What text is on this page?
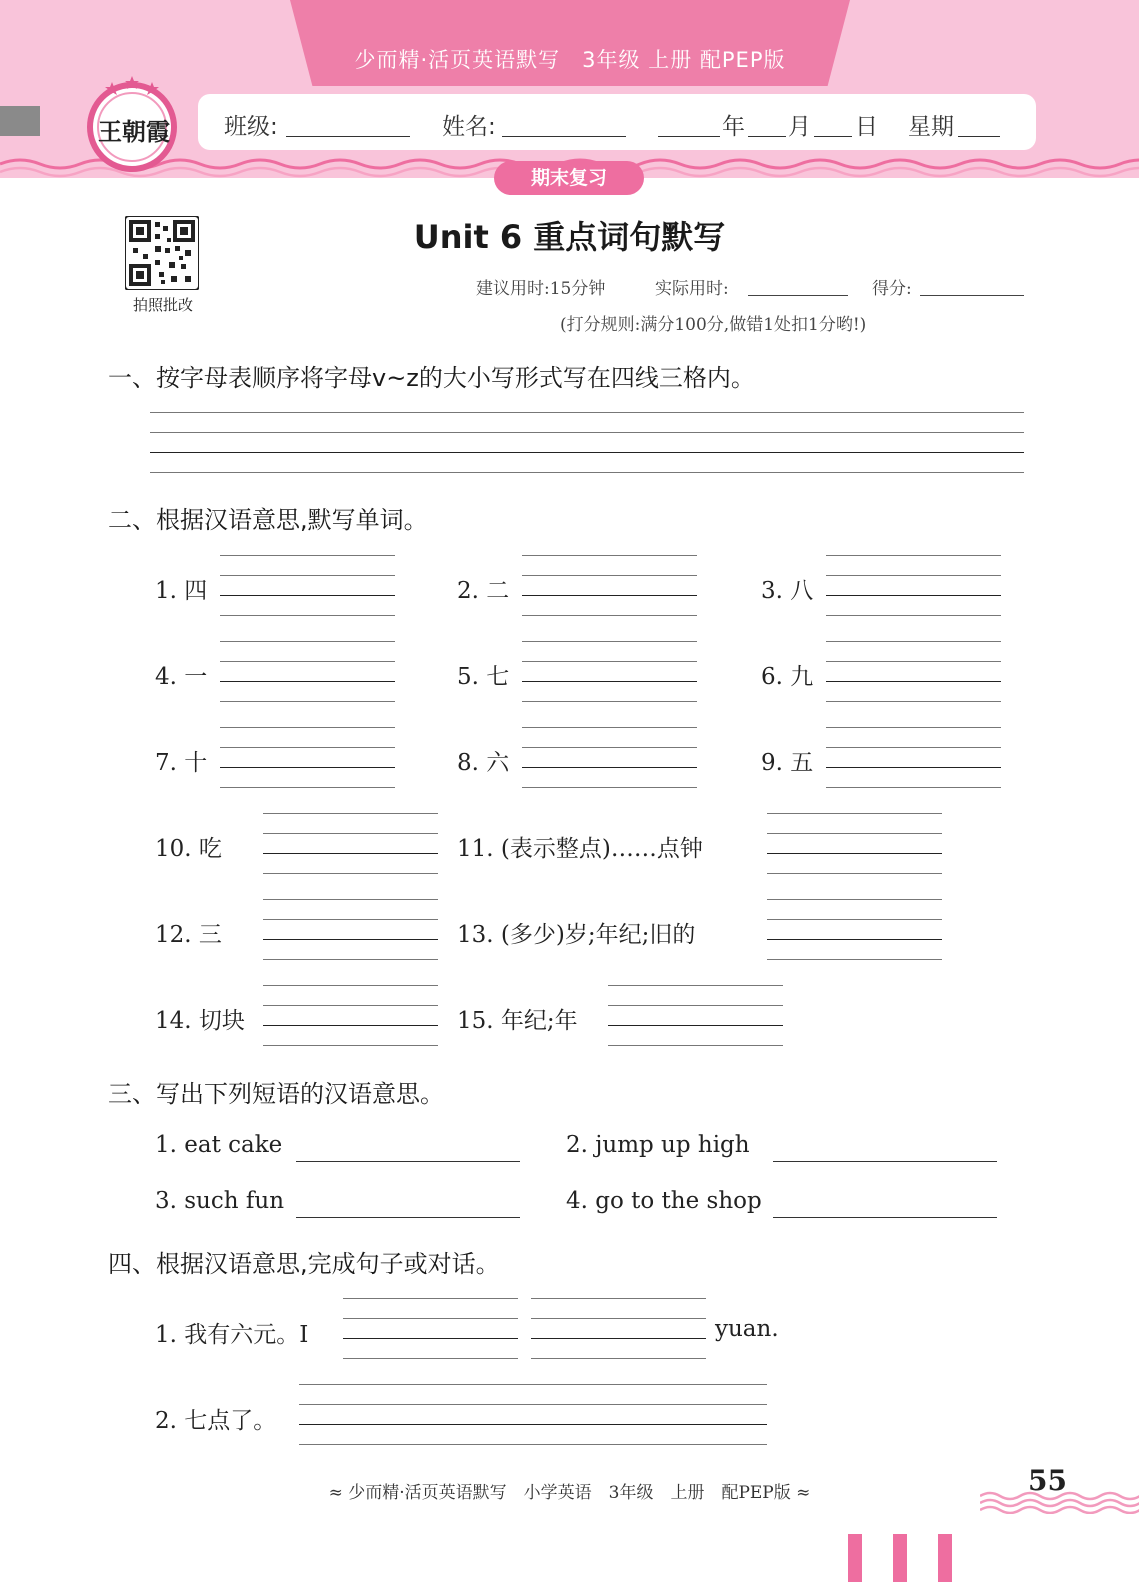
少而精·活页英语默写　3年级 上册 配PEP版
班级:	姓名:	年 月 日 星期
期末复习
王朝霞
拍照批改
Unit 6 重点词句默写
建议用时:15分钟	实际用时:	得分:
(打分规则:满分100分,做错1处扣1分哟!)
一、按字母表顺序将字母v~z的大小写形式写在四线三格内。
二、根据汉语意思,默写单词。
1. 四	2. 二	3. 八
4. 一	5. 七	6. 九
7. 十	8. 六	9. 五
10. 吃	11. (表示整点)……点钟
12. 三	13. (多少)岁;年纪;旧的
14. 切块	15. 年纪;年
三、写出下列短语的汉语意思。
1. eat cake	2. jump up high
3. such fun	4. go to the shop
四、根据汉语意思,完成句子或对话。
1. 我有六元。I	yuan.
2. 七点了。
≈ 少而精·活页英语默写　小学英语　3年级　上册　配PEP版 ≈	55
